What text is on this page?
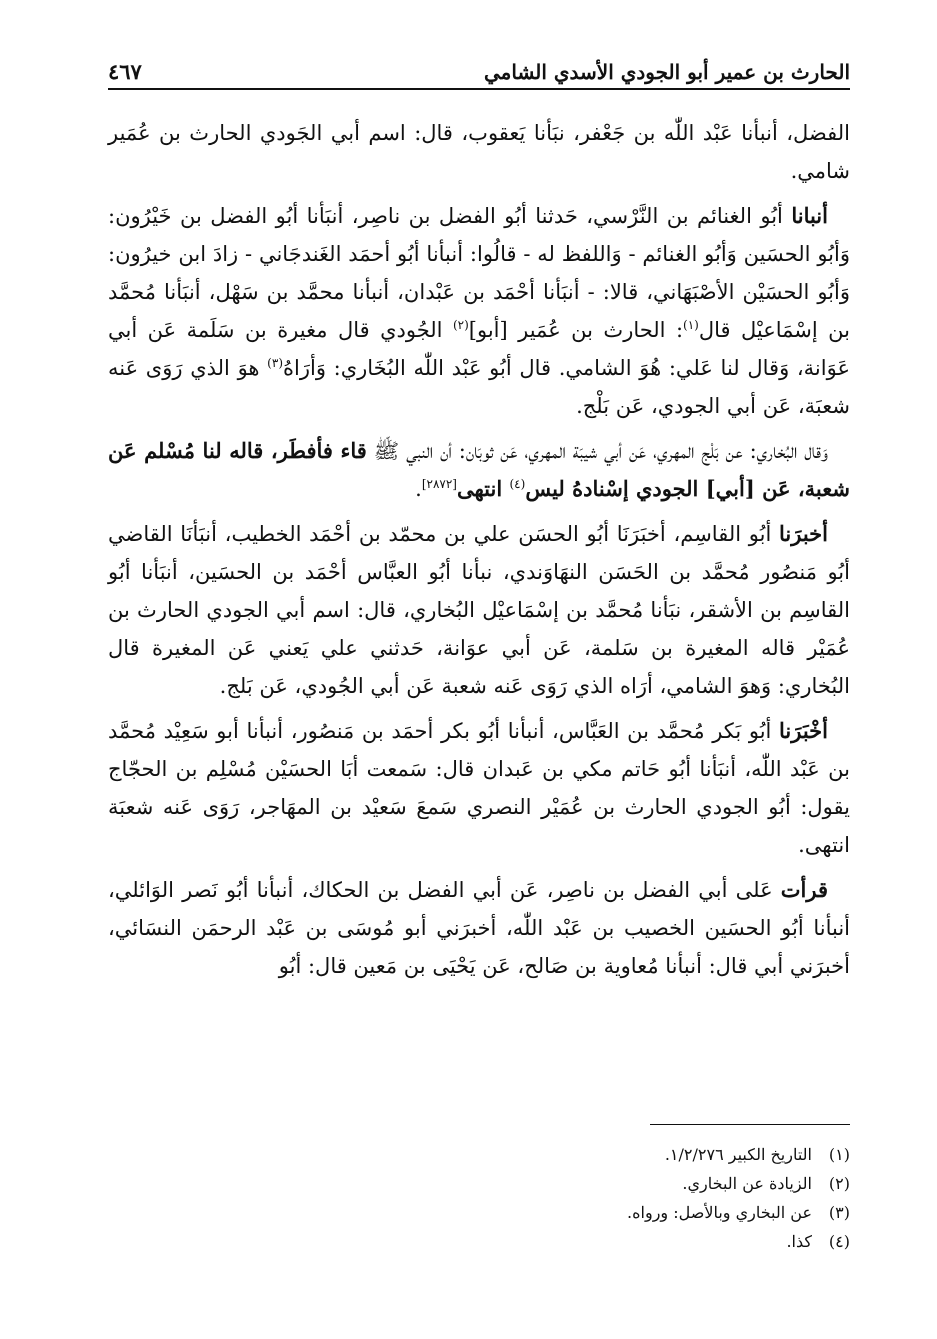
الحارث بن عمير أبو الجودي الأسدي الشامي
٤٦٧

الفضل، أنبأنا عَبْد اللّٰه بن جَعْفر، نبَأنا يَعقوب، قال: اسم أبي الجَودي الحارث بن عُمَير شامي.

أنبانا أبُو الغنائم بن النَّرْسي، حَدثنا أبُو الفضل بن ناصِر، أنبَأنا أبُو الفضل بن خَيْرُون: وَأبُو الحسَين وَأبُو الغنائم - وَاللفظ له - قالُوا: أنبأنا أبُو أحمَد الغَندجَاني - زادَ ابن خيرُون: وَأبُو الحسَيْن الأصْبَهَاني، قالا: - أنبَأنا أحْمَد بن عَبْدان، أنبأنا محمَّد بن سَهْل، أنبَأنا مُحمَّد بن إسْمَاعيْل قال$^{(١)}$: الحارث بن عُمَير [أبو]$^{(٢)}$ الجُودي قال مغيرة بن سَلَمة عَن أبي عَوَانة، وَقال لنا عَلي: هُوَ الشامي. قال أبُو عَبْد اللّٰه البُخَاري: وَأرَاهُ$^{(٣)}$ هوَ الذي رَوَى عَنه شعبَة، عَن أبي الجودي، عَن بَلْج.

وَقال البُخاري: عن بَلْج المهري، عَن أبي شيبَة المهري، عَن ثوبَان: أن النبي ﷺ قاء فأفطَر، قاله لنا مُسْلم عَن شعبة، عَن [أبي] الجودي إسْنادهُ ليس$^{(٤)}$ انتهى[٢٨٧٢].

أخبرَنا أبُو القاسِم، أخبَرَنَا أبُو الحسَن علي بن محمّد بن أحْمَد الخطيب، أنبَأنَا القاضي أبُو مَنصُور مُحمَّد بن الحَسَن النهَاوَندي، نبأنا أبُو العبَّاس أحْمَد بن الحسَين، أنبَأنا أبُو القاسِم بن الأشقر، نبَأنا مُحمَّد بن إسْمَاعيْل البُخاري، قال: اسم أبي الجودي الحارث بن عُمَيْر قاله المغيرة بن سَلمة، عَن أبي عوَانة، حَدثني علي يَعني عَن المغيرة قال البُخاري: وَهوَ الشامي، أرَاه الذي رَوَى عَنه شعبة عَن أبي الجُودي، عَن بَلج.

أخْبَرَنا أبُو بَكر مُحمَّد بن العَبَّاس، أنبأنا أبُو بكر أحمَد بن مَنصُور، أنبأنا أبو سَعِيْد مُحمَّد بن عَبْد اللّٰه، أنبَأنا أبُو حَاتم مكي بن عَبدان قال: سَمعت أبَا الحسَيْن مُسْلِم بن الحجّاج يقول: أبُو الجودي الحارث بن عُمَيْر النصري سَمعَ سَعيْد بن المهَاجر، رَوَى عَنه شعبَة انتهى.

قرأت عَلى أبي الفضل بن ناصِر، عَن أبي الفضل بن الحكاك، أنبأنا أبُو نَصر الوَائلي، أنبأنا أبُو الحسَين الخصيب بن عَبْد اللّٰه، أخبرَني أبو مُوسَى بن عَبْد الرحمَن النسَائي، أخبرَني أبي قال: أنبأنا مُعاوية بن صَالح، عَن يَحْيَى بن مَعين قال: أبُو

(١)
التاريخ الكبير ١/٢/٢٧٦.
(٢)
الزيادة عن البخاري.
(٣)
عن البخاري وبالأصل: ورواه.
(٤)
كذا.
